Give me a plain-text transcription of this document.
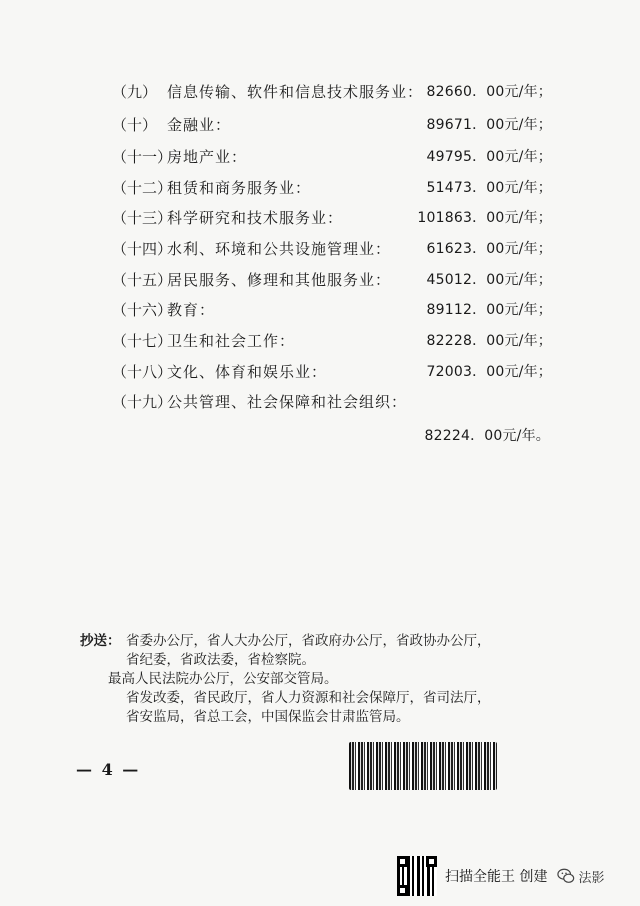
（九） 信息传输、软件和信息技术服务业： 82660．00元/年；
（十） 金融业：	89671．00元/年；
（十一）
房地产业：	49795．00元/年；
（十二）
租赁和商务服务业：	51473．00元/年；
（十三）
科学研究和技术服务业：	101863．00元/年；
（十四）
水利、环境和公共设施管理业：	61623．00元/年；
（十五）
居民服务、修理和其他服务业：	45012．00元/年；
（十六）
教育：	89112．00元/年；
（十七）
卫生和社会工作：	82228．00元/年；
（十八）
文化、体育和娱乐业：	72003．00元/年；
（十九）
公共管理、社会保障和社会组织：
82224．00元/年。
抄送： 省委办公厅，省人大办公厅，省政府办公厅，省政协办公厅，
省纪委，省政法委，省检察院。
最高人民法院办公厅，公安部交管局。
省发改委，省民政厅，省人力资源和社会保障厅，省司法厅，
省安监局，省总工会，中国保监会甘肃监管局。
— 4 —
扫描全能王 创建 法影
